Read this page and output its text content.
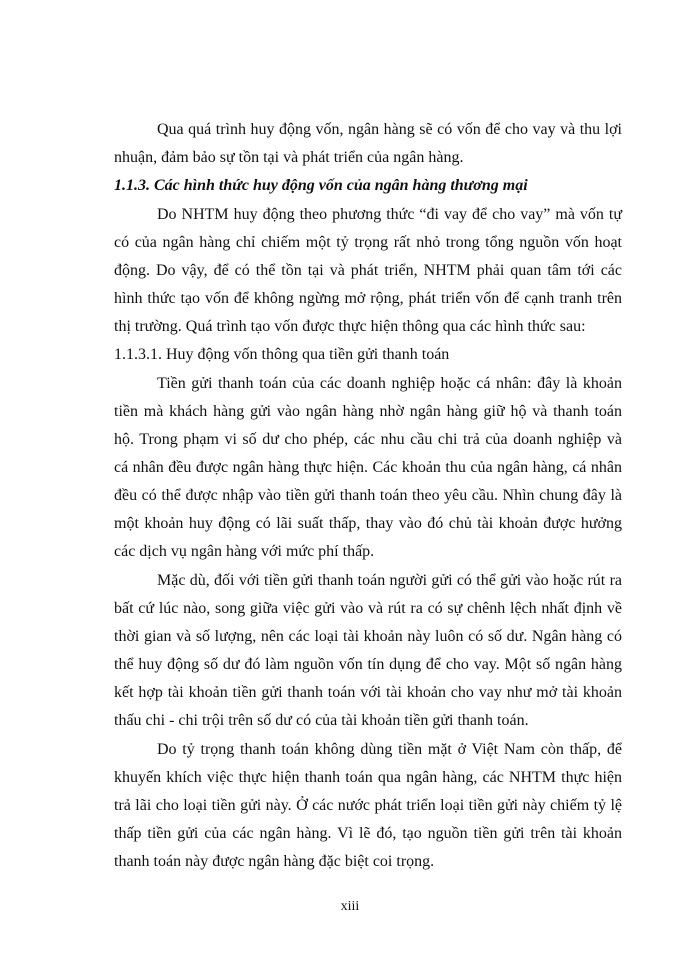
Qua quá trình huy động vốn, ngân hàng sẽ có vốn để cho vay và thu lợi
nhuận, đảm bảo sự tồn tại và phát triển của ngân hàng.
1.1.3. Các hình thức huy động vốn của ngân hàng thương mại
Do NHTM huy động theo phương thức “đi vay để cho vay” mà vốn tự
có của ngân hàng chỉ chiếm một tỷ trọng rất nhỏ trong tổng nguồn vốn hoạt
động. Do vậy, để có thể tồn tại và phát triển, NHTM phải quan tâm tới các
hình thức tạo vốn để không ngừng mở rộng, phát triển vốn để cạnh tranh trên
thị trường. Quá trình tạo vốn được thực hiện thông qua các hình thức sau:
1.1.3.1. Huy động vốn thông qua tiền gửi thanh toán
Tiền gửi thanh toán của các doanh nghiệp hoặc cá nhân: đây là khoản
tiền mà khách hàng gửi vào ngân hàng nhờ ngân hàng giữ hộ và thanh toán
hộ. Trong phạm vi số dư cho phép, các nhu cầu chi trả của doanh nghiệp và
cá nhân đều được ngân hàng thực hiện. Các khoản thu của ngân hàng, cá nhân
đều có thể được nhập vào tiền gửi thanh toán theo yêu cầu. Nhìn chung đây là
một khoản huy động có lãi suất thấp, thay vào đó chủ tài khoản được hưởng
các dịch vụ ngân hàng với mức phí thấp.
Mặc dù, đối với tiền gửi thanh toán người gửi có thể gửi vào hoặc rút ra
bất cứ lúc nào, song giữa việc gửi vào và rút ra có sự chênh lệch nhất định về
thời gian và số lượng, nên các loại tài khoản này luôn có số dư. Ngân hàng có
thể huy động số dư đó làm nguồn vốn tín dụng để cho vay. Một số ngân hàng
kết hợp tài khoản tiền gửi thanh toán với tài khoản cho vay như mở tài khoản
thấu chi - chi trội trên số dư có của tài khoản tiền gửi thanh toán.
Do tỷ trọng thanh toán không dùng tiền mặt ở Việt Nam còn thấp, để
khuyến khích việc thực hiện thanh toán qua ngân hàng, các NHTM thực hiện
trả lãi cho loại tiền gửi này. Ở các nước phát triển loại tiền gửi này chiếm tỷ lệ
thấp tiền gửi của các ngân hàng. Vì lẽ đó, tạo nguồn tiền gửi trên tài khoản
thanh toán này được ngân hàng đặc biệt coi trọng.
xiii
